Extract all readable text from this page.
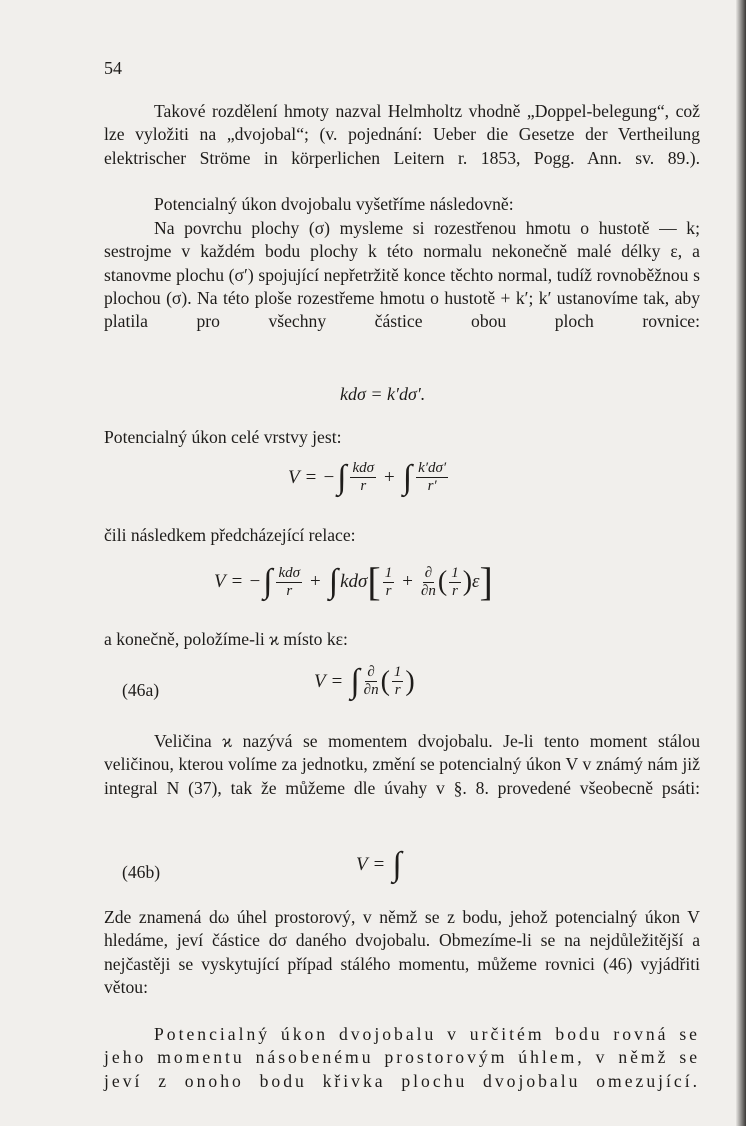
54
Takové rozdělení hmoty nazval Helmholtz vhodně „Doppel-belegung“, což lze vyložiti na „dvojobal“; (v. pojednání: Ueber die Gesetze der Vertheilung elektrischer Ströme in körperlichen Leitern r. 1853, Pogg. Ann. sv. 89.).
Potencialný úkon dvojobalu vyšetříme následovně:
Na povrchu plochy (σ) mysleme si rozestřenou hmotu o hustotě — k; sestrojme v každém bodu plochy k této normalu nekonečně malé délky ε, a stanovme plochu (σ′) spojující nepřetržitě konce těchto normal, tudíž rovnoběžnou s plochou (σ). Na této ploše rozestřeme hmotu o hustotě + k′; k′ ustanovíme tak, aby platila pro všechny částice obou ploch rovnice:
kdσ = k′dσ′.
Potencialný úkon celé vrstvy jest:
V = − ∫ $\frac{\text{kdσ}}{r}$ + ∫ $\frac{k'd\sigma'}{r'}$
čili následkem předcházející relace:
V = − ∫ $\frac{\text{kdσ}}{r}$ + ∫ kdσ [ $\frac{1}{r} + \frac{\partial}{\partial n}$ ( $\frac{1}{r}$ ) ε ]
a konečně, položíme-li ϰ místo kε:
(46a)	V = ∫ $\frac{\partial}{\partial n}$ ( $\frac{1}{r}$ )
Veličina ϰ nazývá se momentem dvojobalu. Je-li tento moment stálou veličinou, kterou volíme za jednotku, změní se potencialný úkon V v známý nám již integral N (37), tak že můžeme dle úvahy v §. 8. provedené všeobecně psáti:
(46b)	V = ∫
Zde znamená dω úhel prostorový, v němž se z bodu, jehož potencialný úkon V hledáme, jeví částice dσ daného dvojobalu. Obmezíme-li se na nejdůležitější a nejčastěji se vyskytující případ stálého momentu, můžeme rovnici (46) vyjádřiti větou:
Potencialný úkon dvojobalu v určitém bodu rovná se jeho momentu násobenému prostorovým úhlem, v němž se jeví z onoho bodu křivka plochu dvojobalu omezující.
